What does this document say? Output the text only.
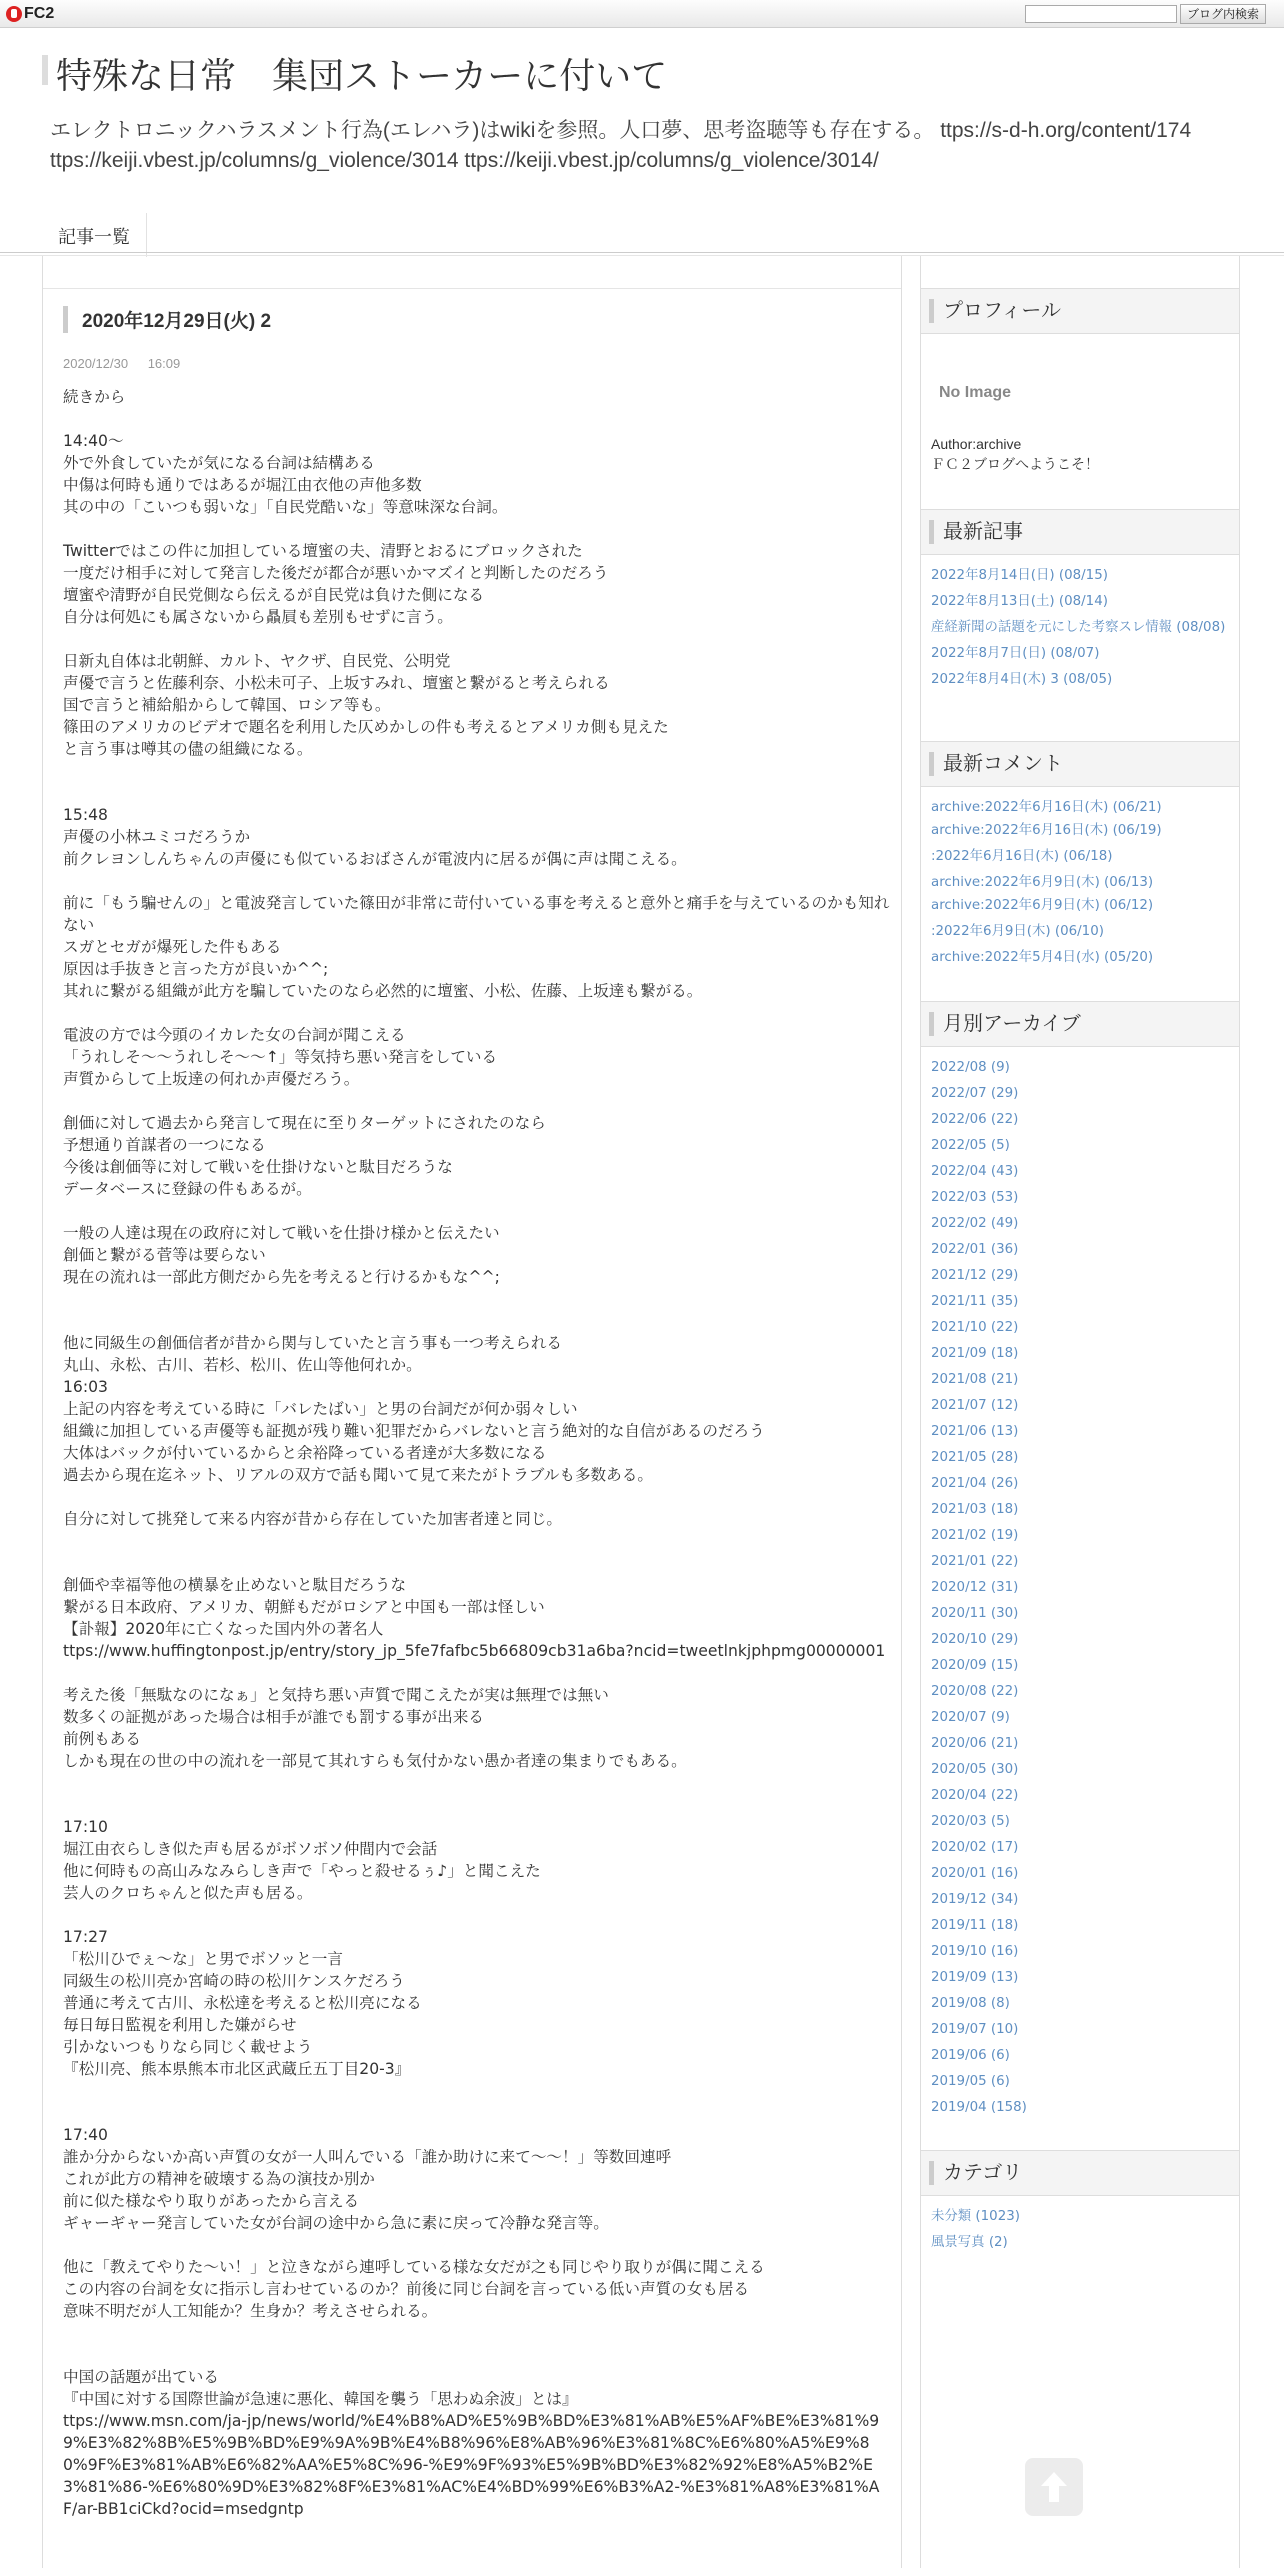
FC2	ブログ内検索
特殊な日常　集団ストーカーに付いて
エレクトロニックハラスメント行為(エレハラ)はwikiを参照。人口夢、思考盗聴等も存在する。 ttps://s-d-h.org/content/174 ttps://keiji.vbest.jp/columns/g_violence/3014 ttps://keiji.vbest.jp/columns/g_violence/3014/
記事一覧
2020年12月29日(火) 2
2020/12/30 16:09
続きから
14:40～
外で外食していたが気になる台詞は結構ある
中傷は何時も通りではあるが堀江由衣他の声他多数
其の中の「こいつも弱いな」「自民党酷いな」等意味深な台詞。
Twitterではこの件に加担している壇蜜の夫、清野とおるにブロックされた
一度だけ相手に対して発言した後だが都合が悪いかマズイと判断したのだろう
壇蜜や清野が自民党側なら伝えるが自民党は負けた側になる
自分は何処にも属さないから贔屓も差別もせずに言う。
日新丸自体は北朝鮮、カルト、ヤクザ、自民党、公明党
声優で言うと佐藤利奈、小松未可子、上坂すみれ、壇蜜と繋がると考えられる
国で言うと補給船からして韓国、ロシア等も。
篠田のアメリカのビデオで題名を利用した仄めかしの件も考えるとアメリカ側も見えた
と言う事は噂其の儘の組織になる。
15:48
声優の小林ユミコだろうか
前クレヨンしんちゃんの声優にも似ているおばさんが電波内に居るが偶に声は聞こえる。
前に「もう騙せんの」と電波発言していた篠田が非常に苛付いている事を考えると意外と痛手を与えているのかも知れない
スガとセガが爆死した件もある
原因は手抜きと言った方が良いか^^;
其れに繋がる組織が此方を騙していたのなら必然的に壇蜜、小松、佐藤、上坂達も繋がる。
電波の方では今頭のイカレた女の台詞が聞こえる
「うれしそ～～うれしそ～～↑」等気持ち悪い発言をしている
声質からして上坂達の何れか声優だろう。
創価に対して過去から発言して現在に至りターゲットにされたのなら
予想通り首謀者の一つになる
今後は創価等に対して戦いを仕掛けないと駄目だろうな
データベースに登録の件もあるが。
一般の人達は現在の政府に対して戦いを仕掛け様かと伝えたい
創価と繋がる菅等は要らない
現在の流れは一部此方側だから先を考えると行けるかもな^^;
他に同級生の創価信者が昔から関与していたと言う事も一つ考えられる
丸山、永松、古川、若杉、松川、佐山等他何れか。
16:03
上記の内容を考えている時に「バレたばい」と男の台詞だが何か弱々しい
組織に加担している声優等も証拠が残り難い犯罪だからバレないと言う絶対的な自信があるのだろう
大体はバックが付いているからと余裕降っている者達が大多数になる
過去から現在迄ネット、リアルの双方で話も聞いて見て来たがトラブルも多数ある。
自分に対して挑発して来る内容が昔から存在していた加害者達と同じ。
創価や幸福等他の横暴を止めないと駄目だろうな
繋がる日本政府、アメリカ、朝鮮もだがロシアと中国も一部は怪しい
【訃報】2020年に亡くなった国内外の著名人
ttps://www.huffingtonpost.jp/entry/story_jp_5fe7fafbc5b66809cb31a6ba?ncid=tweetlnkjphpmg00000001
考えた後「無駄なのになぁ」と気持ち悪い声質で聞こえたが実は無理では無い
数多くの証拠があった場合は相手が誰でも罰する事が出来る
前例もある
しかも現在の世の中の流れを一部見て其れすらも気付かない愚か者達の集まりでもある。
17:10
堀江由衣らしき似た声も居るがボソボソ仲間内で会話
他に何時もの高山みなみらしき声で「やっと殺せるぅ♪」と聞こえた
芸人のクロちゃんと似た声も居る。
17:27
「松川ひでぇ～な」と男でボソッと一言
同級生の松川亮か宮崎の時の松川ケンスケだろう
普通に考えて古川、永松達を考えると松川亮になる
毎日毎日監視を利用した嫌がらせ
引かないつもりなら同じく載せよう
『松川亮、熊本県熊本市北区武蔵丘五丁目20-3』
17:40
誰か分からないか高い声質の女が一人叫んでいる「誰か助けに来て～～！」等数回連呼
これが此方の精神を破壊する為の演技か別か
前に似た様なやり取りがあったから言える
ギャーギャー発言していた女が台詞の途中から急に素に戻って冷静な発言等。
他に「教えてやりた～い！」と泣きながら連呼している様な女だが之も同じやり取りが偶に聞こえる
この内容の台詞を女に指示し言わせているのか？前後に同じ台詞を言っている低い声質の女も居る
意味不明だが人工知能か？生身か？考えさせられる。
中国の話題が出ている
『中国に対する国際世論が急速に悪化、韓国を襲う「思わぬ余波」とは』
ttps://www.msn.com/ja-jp/news/world/%E4%B8%AD%E5%9B%BD%E3%81%AB%E5%AF%BE%E3%81%99%E3%82%8B%E5%9B%BD%E9%9A%9B%E4%B8%96%E8%AB%96%E3%81%8C%E6%80%A5%E9%80%9F%E3%81%AB%E6%82%AA%E5%8C%96-%E9%9F%93%E5%9B%BD%E3%82%92%E8%A5%B2%E3%81%86-%E6%80%9D%E3%82%8F%E3%81%AC%E4%BD%99%E6%B3%A2-%E3%81%A8%E3%81%AF/ar-BB1ciCkd?ocid=msedgntp
プロフィール
No Image
Author:archive
ＦＣ２ブログへようこそ！
最新記事
2022年8月14日(日) (08/15)
2022年8月13日(土) (08/14)
産経新聞の話題を元にした考察スレ情報 (08/08)
2022年8月7日(日) (08/07)
2022年8月4日(木) 3 (08/05)
最新コメント
archive:2022年6月16日(木) (06/21)
archive:2022年6月16日(木) (06/19)
:2022年6月16日(木) (06/18)
archive:2022年6月9日(木) (06/13)
archive:2022年6月9日(木) (06/12)
:2022年6月9日(木) (06/10)
archive:2022年5月4日(水) (05/20)
月別アーカイブ
2022/08 (9)
2022/07 (29)
2022/06 (22)
2022/05 (5)
2022/04 (43)
2022/03 (53)
2022/02 (49)
2022/01 (36)
2021/12 (29)
2021/11 (35)
2021/10 (22)
2021/09 (18)
2021/08 (21)
2021/07 (12)
2021/06 (13)
2021/05 (28)
2021/04 (26)
2021/03 (18)
2021/02 (19)
2021/01 (22)
2020/12 (31)
2020/11 (30)
2020/10 (29)
2020/09 (15)
2020/08 (22)
2020/07 (9)
2020/06 (21)
2020/05 (30)
2020/04 (22)
2020/03 (5)
2020/02 (17)
2020/01 (16)
2019/12 (34)
2019/11 (18)
2019/10 (16)
2019/09 (13)
2019/08 (8)
2019/07 (10)
2019/06 (6)
2019/05 (6)
2019/04 (158)
カテゴリ
未分類 (1023)
風景写真 (2)
